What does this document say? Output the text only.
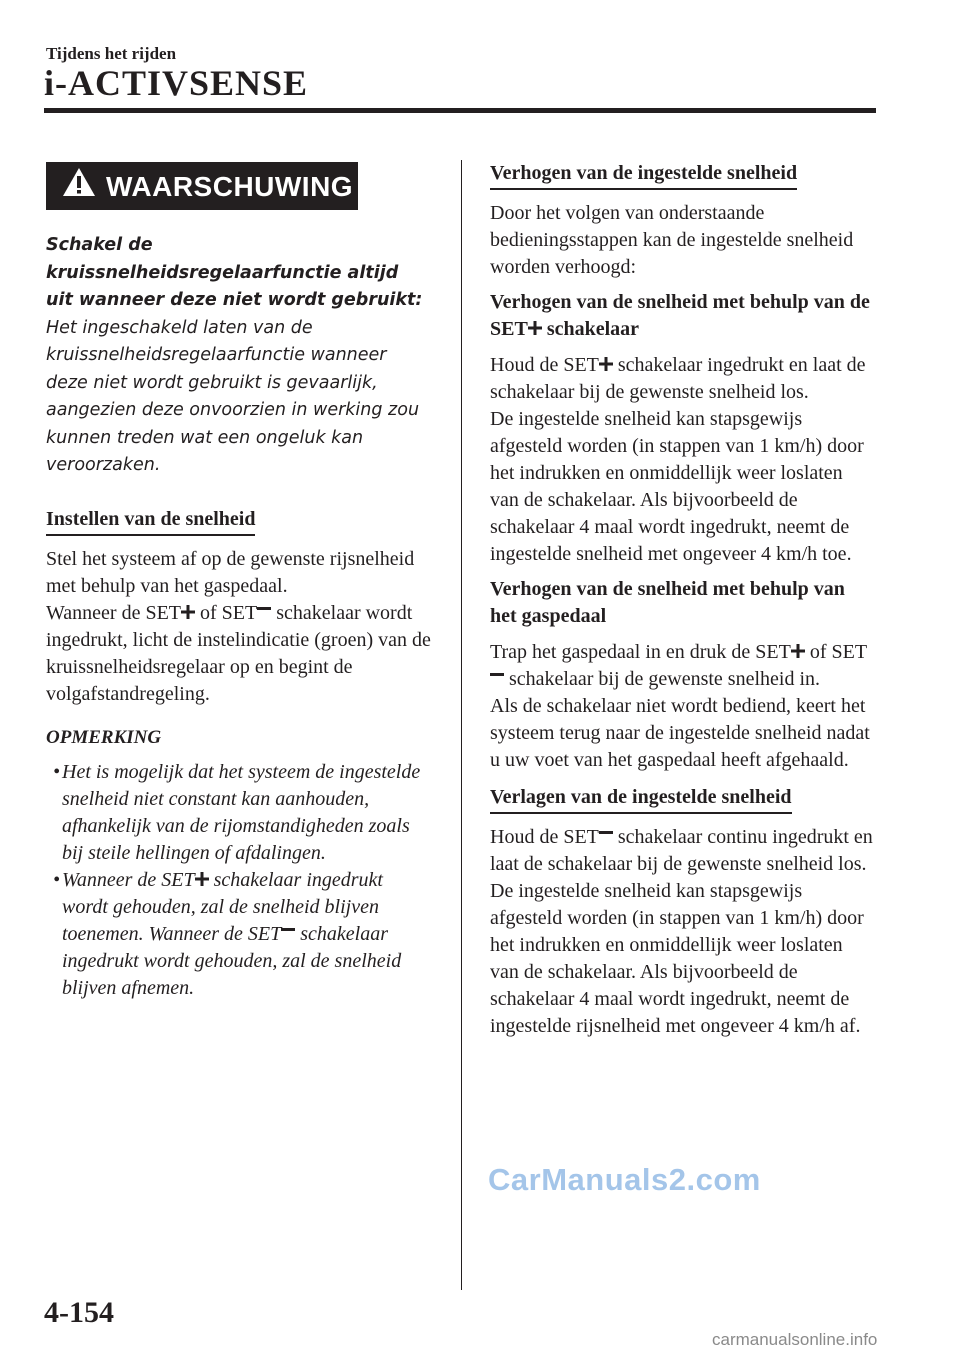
Tijdens het rijden
i-ACTIVSENSE
WAARSCHUWING
Schakel de kruissnelheidsregelaarfunctie altijd uit wanneer deze niet wordt gebruikt:
Het ingeschakeld laten van de kruissnelheidsregelaarfunctie wanneer deze niet wordt gebruikt is gevaarlijk, aangezien deze onvoorzien in werking zou kunnen treden wat een ongeluk kan veroorzaken.
Instellen van de snelheid

Stel het systeem af op de gewenste rijsnelheid met behulp van het gaspedaal.

Wanneer de SET of SET schakelaar wordt ingedrukt, licht de instelindicatie (groen) van de kruissnelheidsregelaar op en begint de volgafstandregeling.

OPMERKING
• Het is mogelijk dat het systeem de ingestelde snelheid niet constant kan aanhouden, afhankelijk van de rijomstandigheden zoals bij steile hellingen of afdalingen.
• Wanneer de SET schakelaar ingedrukt wordt gehouden, zal de snelheid blijven toenemen. Wanneer de SET schakelaar ingedrukt wordt gehouden, zal de snelheid blijven afnemen.
Verhogen van de ingestelde snelheid

Door het volgen van onderstaande bedieningsstappen kan de ingestelde snelheid worden verhoogd:

Verhogen van de snelheid met behulp van de SET schakelaar

Houd de SET schakelaar ingedrukt en laat de schakelaar bij de gewenste snelheid los.

De ingestelde snelheid kan stapsgewijs afgesteld worden (in stappen van 1 km/h) door het indrukken en onmiddellijk weer loslaten van de schakelaar. Als bijvoorbeeld de schakelaar 4 maal wordt ingedrukt, neemt de ingestelde snelheid met ongeveer 4 km/h toe.

Verhogen van de snelheid met behulp van het gaspedaal

Trap het gaspedaal in en druk de SET of SET schakelaar bij de gewenste snelheid in.

Als de schakelaar niet wordt bediend, keert het systeem terug naar de ingestelde snelheid nadat u uw voet van het gaspedaal heeft afgehaald.

Verlagen van de ingestelde snelheid

Houd de SET schakelaar continu ingedrukt en laat de schakelaar bij de gewenste snelheid los.

De ingestelde snelheid kan stapsgewijs afgesteld worden (in stappen van 1 km/h) door het indrukken en onmiddellijk weer loslaten van de schakelaar. Als bijvoorbeeld de schakelaar 4 maal wordt ingedrukt, neemt de ingestelde rijsnelheid met ongeveer 4 km/h af.

CarManuals2.com
4-154
carmanualsonline.info
